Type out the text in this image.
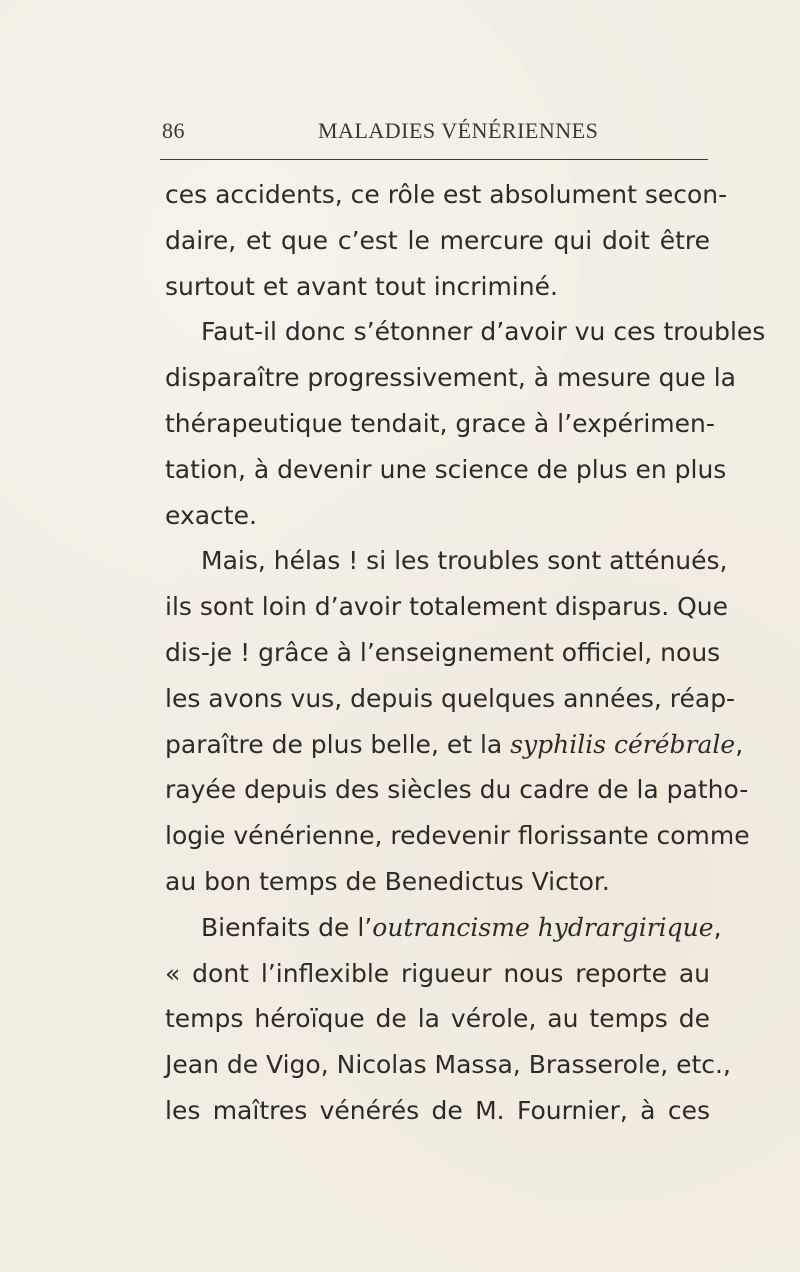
86	MALADIES VÉNÉRIENNES
ces accidents, ce rôle est absolument secon-
daire, et que c’est le mercure qui doit être
surtout et avant tout incriminé.
Faut-il donc s’étonner d’avoir vu ces troubles
disparaître progressivement, à mesure que la
thérapeutique tendait, grace à l’expérimen-
tation, à devenir une science de plus en plus
exacte.
Mais, hélas ! si les troubles sont atténués,
ils sont loin d’avoir totalement disparus. Que
dis-je ! grâce à l’enseignement officiel, nous
les avons vus, depuis quelques années, réap-
paraître de plus belle, et la syphilis cérébrale,
rayée depuis des siècles du cadre de la patho-
logie vénérienne, redevenir florissante comme
au bon temps de Benedictus Victor.
Bienfaits de l’outrancisme hydrargirique,
« dont l’inflexible rigueur nous reporte au
temps héroïque de la vérole, au temps de
Jean de Vigo, Nicolas Massa, Brasserole, etc.,
les maîtres vénérés de M. Fournier, à ces
